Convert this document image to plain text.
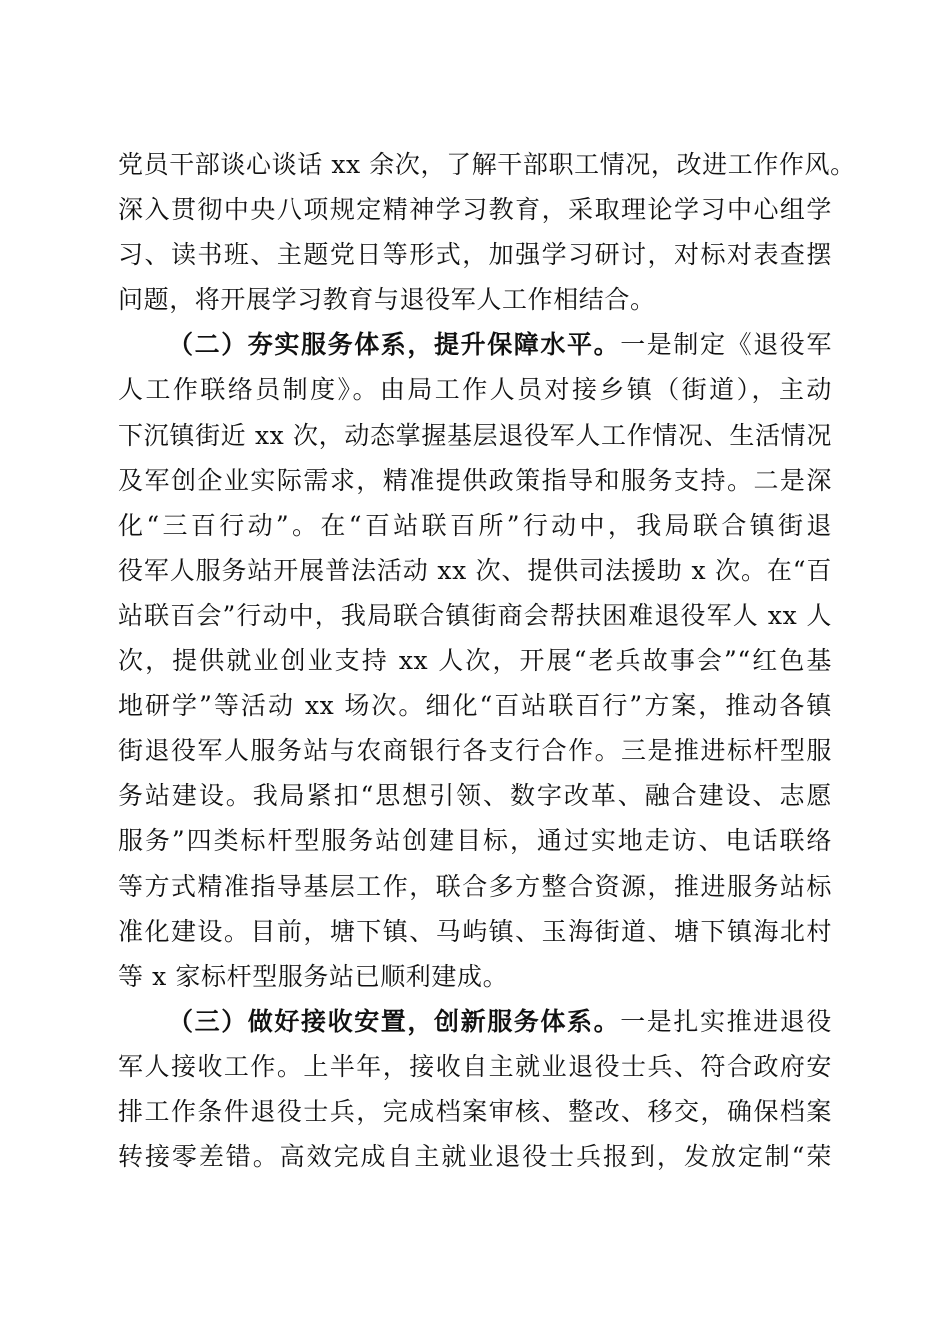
党员干部谈心谈话 xx 余次，了解干部职工情况，改进工作作风。
深入贯彻中央八项规定精神学习教育，采取理论学习中心组学
习、读书班、主题党日等形式，加强学习研讨，对标对表查摆
问题，将开展学习教育与退役军人工作相结合。
（二）夯实服务体系，提升保障水平。一是制定《退役军
人工作联络员制度》。由局工作人员对接乡镇（街道），主动
下沉镇街近 xx 次，动态掌握基层退役军人工作情况、生活情况
及军创企业实际需求，精准提供政策指导和服务支持。二是深
化“三百行动”。在“百站联百所”行动中，我局联合镇街退
役军人服务站开展普法活动 xx 次、提供司法援助 x 次。在“百
站联百会”行动中，我局联合镇街商会帮扶困难退役军人 xx 人
次，提供就业创业支持 xx 人次，开展“老兵故事会”“红色基
地研学”等活动 xx 场次。细化“百站联百行”方案，推动各镇
街退役军人服务站与农商银行各支行合作。三是推进标杆型服
务站建设。我局紧扣“思想引领、数字改革、融合建设、志愿
服务”四类标杆型服务站创建目标，通过实地走访、电话联络
等方式精准指导基层工作，联合多方整合资源，推进服务站标
准化建设。目前，塘下镇、马屿镇、玉海街道、塘下镇海北村
等 x 家标杆型服务站已顺利建成。
（三）做好接收安置，创新服务体系。一是扎实推进退役
军人接收工作。上半年，接收自主就业退役士兵、符合政府安
排工作条件退役士兵，完成档案审核、整改、移交，确保档案
转接零差错。高效完成自主就业退役士兵报到，发放定制“荣
